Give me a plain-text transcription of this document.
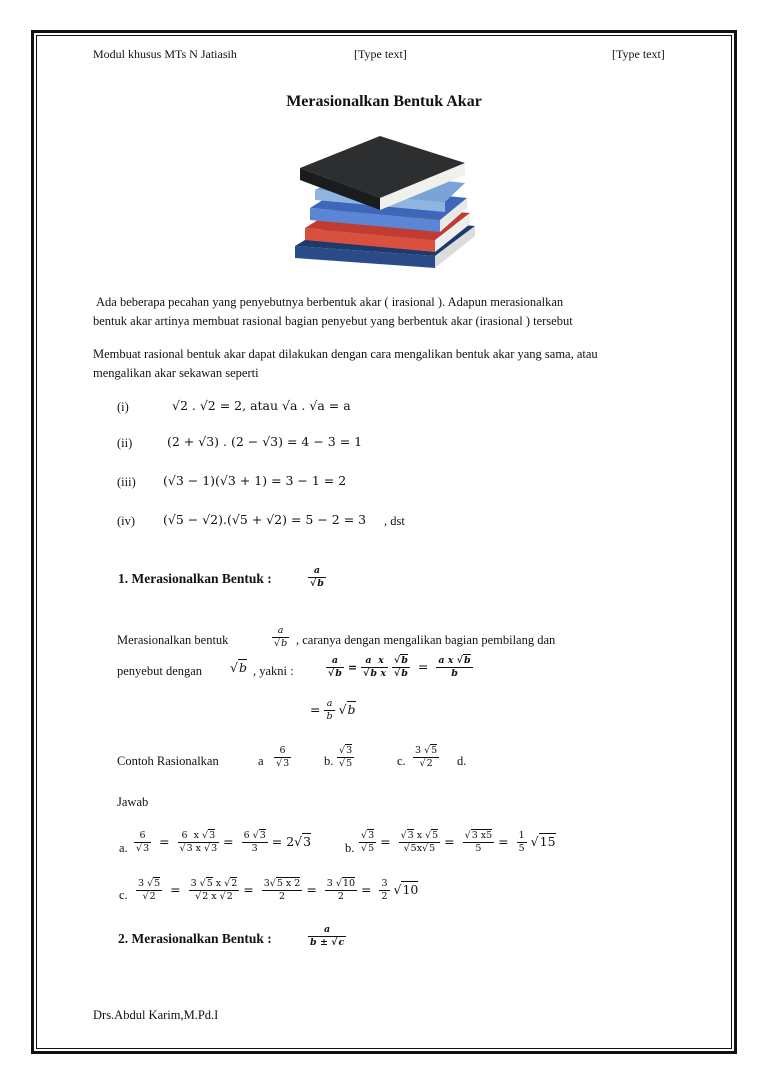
Modul khusus MTs N Jatiasih	[Type text]	[Type text]
Merasionalkan Bentuk Akar
Ada beberapa pecahan yang penyebutnya berbentuk akar ( irasional ). Adapun merasionalkan
bentuk akar artinya membuat rasional bagian penyebut yang berbentuk akar (irasional ) tersebut
Membuat rasional bentuk akar dapat dilakukan dengan cara mengalikan bentuk akar yang sama, atau
mengalikan akar sekawan seperti
(i)	√2 . √2 = 2, atau √a . √a = a
(ii)	(2 + √3) . (2 − √3) = 4 − 3 = 1
(iii) (√3 − 1)(√3 + 1) = 3 − 1 = 2
(iv) (√5 − √2).(√5 + √2) = 5 − 2 = 3 , dst
1. Merasionalkan Bentuk :	$\frac{a}{√b}$
Merasionalkan bentuk	$\frac{a}{√b}$ , caranya dengan mengalikan bagian pembilang dan
penyebut dengan √b , yakni :	$\frac{a}{√b} = \frac{\text{a  x}}{\text{√b x}}$
$\frac{√b}{√b} = \frac{\text{a x √b}}{b}$
= $\frac{a}{b} √b$
Contoh Rasionalkan	a $\frac{6}{√3}$	b. $\frac{√3}{√5}$	c. $\frac{3 √5}{√2} d$.
Jawab
a. $\frac{6}{√3} = \frac{6 x √3}{√3 x √3} = \frac{6 √3}{3} = 2√3$	b. $\frac{√3}{√5} = \frac{√3 x √5}{√5x√5} = \frac{√3 x5}{5} = \frac{1}{5} √15$
c. $\frac{3 √5}{√2} = \frac{3 √5 x √2}{√2 x √2} = \frac{3√5 x 2}{2} = \frac{3 √10}{2} = \frac{3}{2} √10$
2. Merasionalkan Bentuk :	$\frac{a}{b \pm √c}$
Drs.Abdul Karim,M.Pd.I
